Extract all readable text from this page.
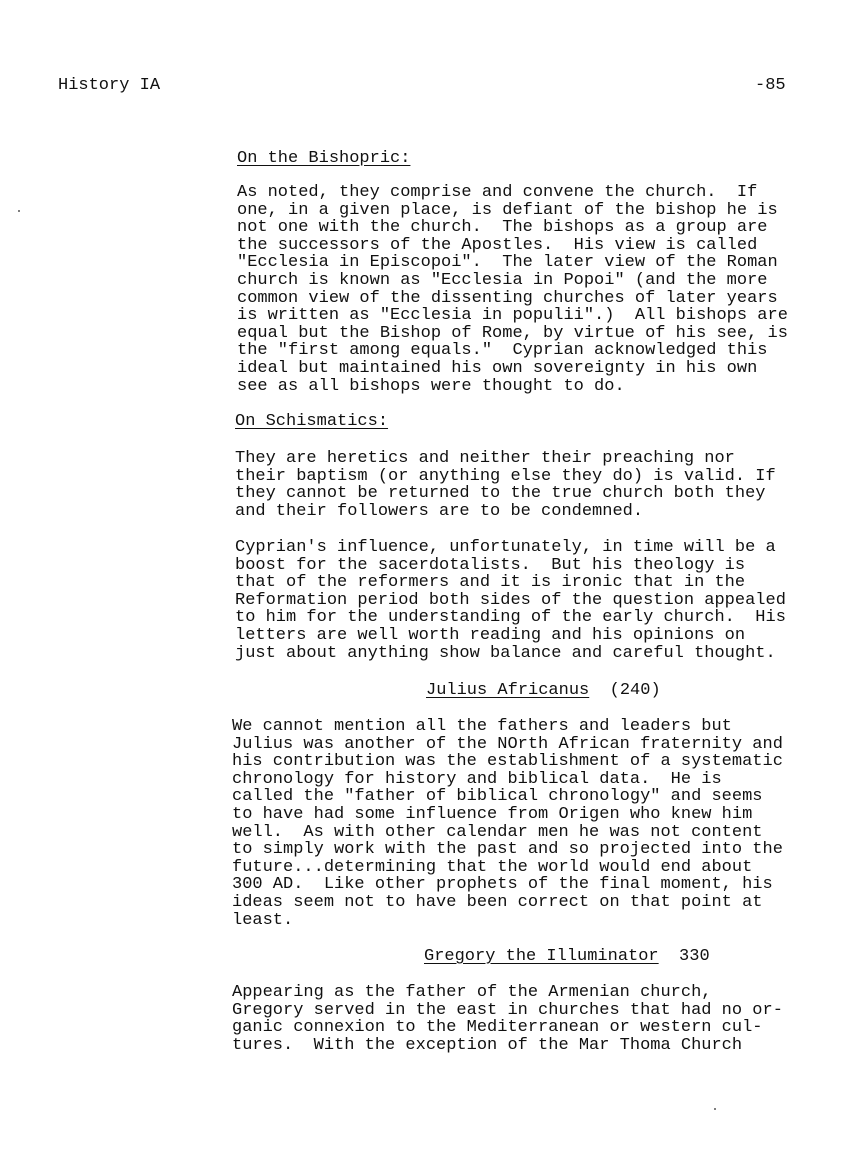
History IA	-85
On the Bishopric:
As noted, they comprise and convene the church.  If
one, in a given place, is defiant of the bishop he is
not one with the church.  The bishops as a group are
the successors of the Apostles.  His view is called
"Ecclesia in Episcopoi".  The later view of the Roman
church is known as "Ecclesia in Popoi" (and the more
common view of the dissenting churches of later years
is written as "Ecclesia in populii".)  All bishops are
equal but the Bishop of Rome, by virtue of his see, is
the "first among equals."  Cyprian acknowledged this
ideal but maintained his own sovereignty in his own
see as all bishops were thought to do.
On Schismatics:
They are heretics and neither their preaching nor
their baptism (or anything else they do) is valid. If
they cannot be returned to the true church both they
and their followers are to be condemned.
Cyprian's influence, unfortunately, in time will be a
boost for the sacerdotalists.  But his theology is
that of the reformers and it is ironic that in the
Reformation period both sides of the question appealed
to him for the understanding of the early church.  His
letters are well worth reading and his opinions on
just about anything show balance and careful thought.
Julius Africanus (240)
We cannot mention all the fathers and leaders but
Julius was another of the NOrth African fraternity and
his contribution was the establishment of a systematic
chronology for history and biblical data.  He is
called the "father of biblical chronology" and seems
to have had some influence from Origen who knew him
well.  As with other calendar men he was not content
to simply work with the past and so projected into the
future...determining that the world would end about
300 AD.  Like other prophets of the final moment, his
ideas seem not to have been correct on that point at
least.
Gregory the Illuminator 330
Appearing as the father of the Armenian church,
Gregory served in the east in churches that had no or-
ganic connexion to the Mediterranean or western cul-
tures.  With the exception of the Mar Thoma Church
